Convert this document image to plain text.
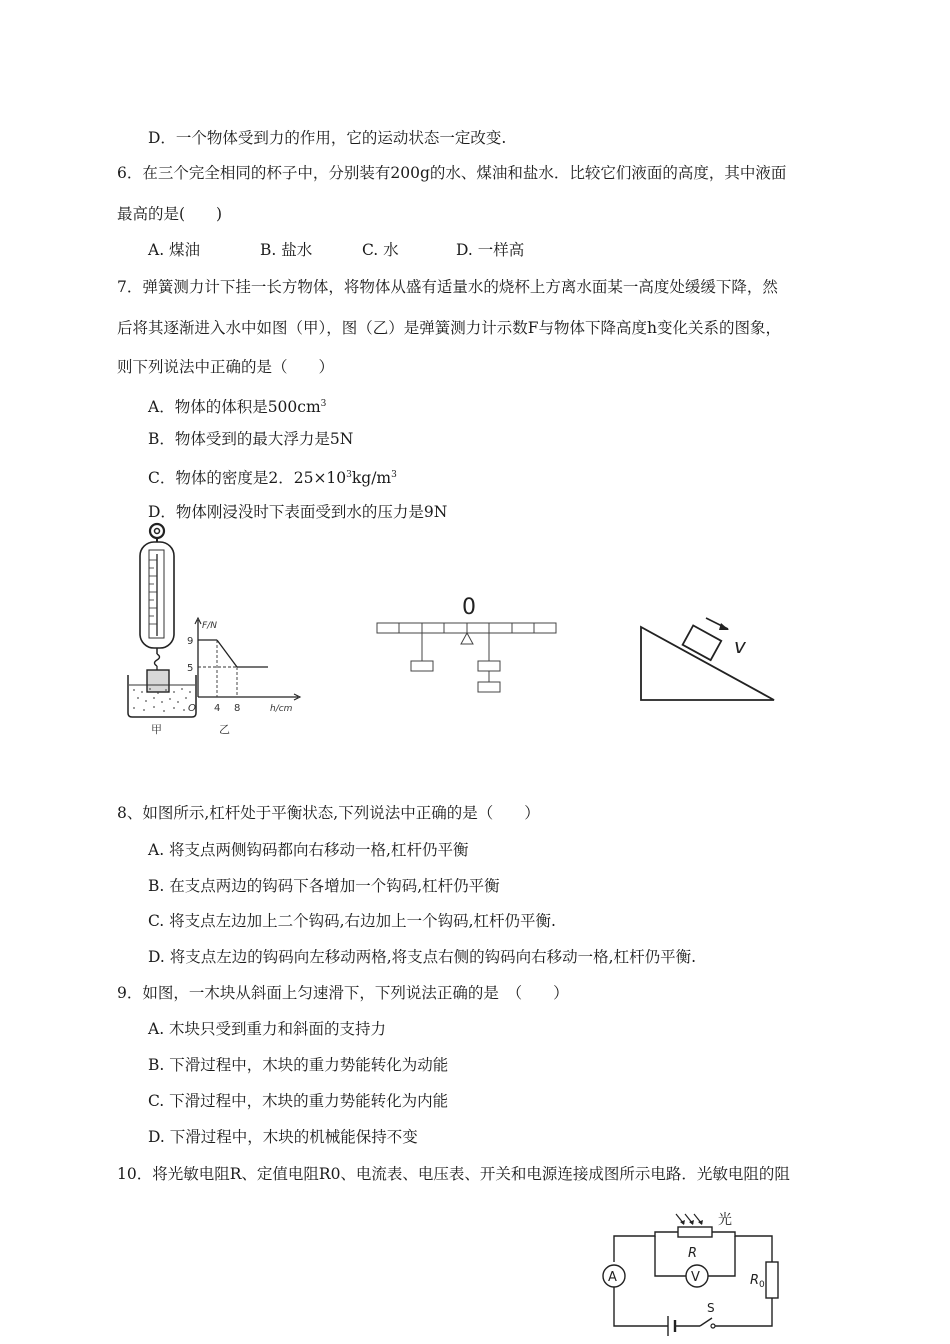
D．一个物体受到力的作用，它的运动状态一定改变.
6．在三个完全相同的杯子中，分别装有200g的水、煤油和盐水．比较它们液面的高度，其中液面
最高的是(　　)
A. 煤油	B. 盐水	C. 水	D. 一样高
7．弹簧测力计下挂一长方物体，将物体从盛有适量水的烧杯上方离水面某一高度处缓缓下降，然
后将其逐渐进入水中如图（甲），图（乙）是弹簧测力计示数F与物体下降高度h变化关系的图象，
则下列说法中正确的是（　　）
A．物体的体积是$500cm^3$
B．物体受到的最大浮力是5N
C．物体的密度是2．$25\times 10^3kg/m^3$
D．物体刚浸没时下表面受到水的压力是9N
甲
F/N
h/cm
9
5
O 4 8
乙
0
v
8、如图所示,杠杆处于平衡状态,下列说法中正确的是（　　）
A. 将支点两侧钩码都向右移动一格,杠杆仍平衡
B. 在支点两边的钩码下各增加一个钩码,杠杆仍平衡
C. 将支点左边加上二个钩码,右边加上一个钩码,杠杆仍平衡.
D. 将支点左边的钩码向左移动两格,将支点右侧的钩码向右移动一格,杠杆仍平衡.
9．如图，一木块从斜面上匀速滑下，下列说法正确的是　（　　）
A. 木块只受到重力和斜面的支持力
B. 下滑过程中，木块的重力势能转化为动能
C. 下滑过程中，木块的重力势能转化为内能
D. 下滑过程中，木块的机械能保持不变
10．将光敏电阻R、定值电阻R0、电流表、电压表、开关和电源连接成图所示电路．光敏电阻的阻
光
R
V
A	$R_0$
S
